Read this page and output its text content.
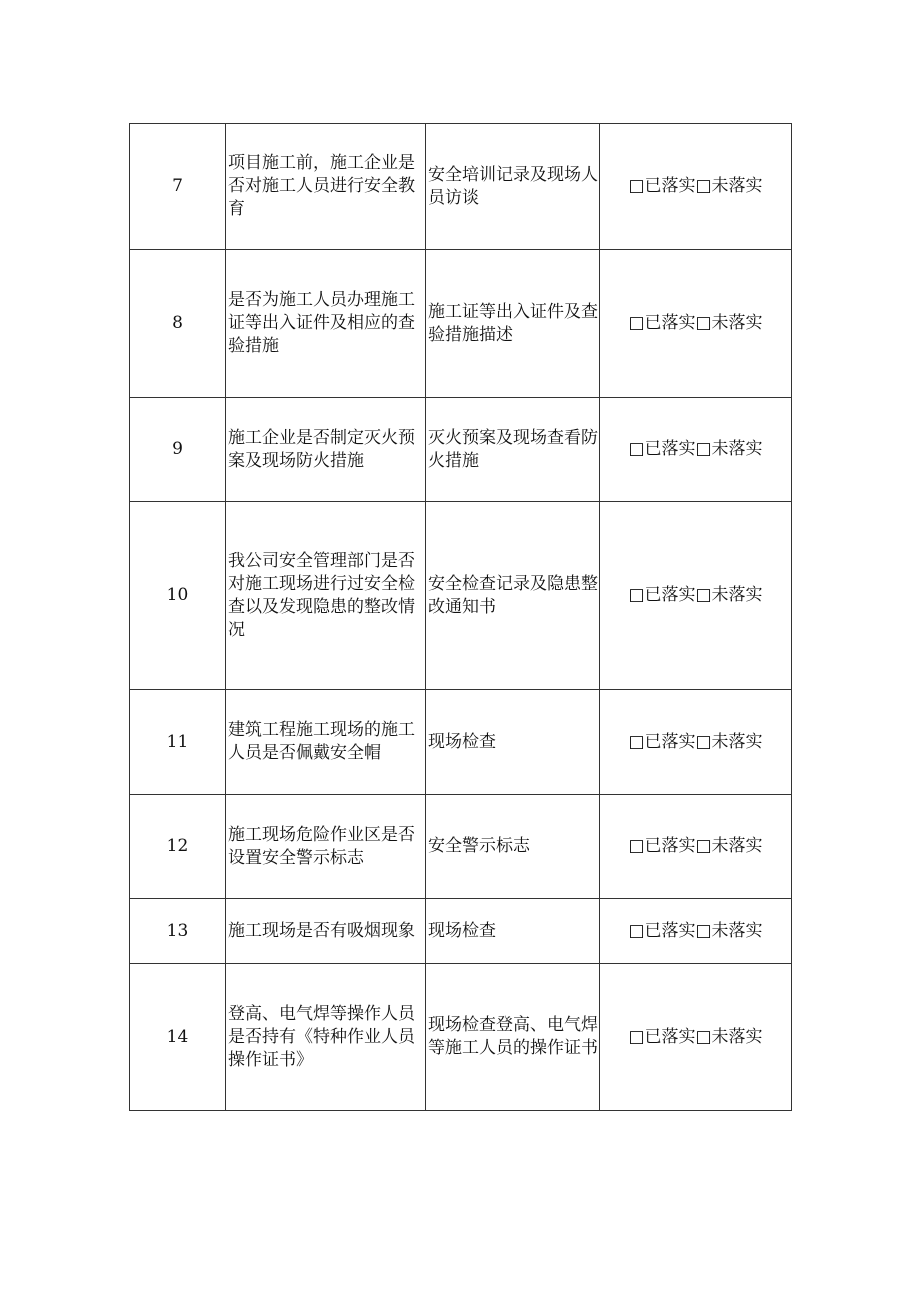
7	项目施工前，施工企业是否对施工人员进行安全教育	安全培训记录及现场人员访谈	□已落实□未落实
8	是否为施工人员办理施工证等出入证件及相应的查验措施	施工证等出入证件及查验措施描述	□已落实□未落实
9	施工企业是否制定灭火预案及现场防火措施	灭火预案及现场查看防火措施	□已落实□未落实
10	我公司安全管理部门是否对施工现场进行过安全检查以及发现隐患的整改情况	安全检查记录及隐患整改通知书	□已落实□未落实
11	建筑工程施工现场的施工人员是否佩戴安全帽	现场检查	□已落实□未落实
12	施工现场危险作业区是否设置安全警示标志	安全警示标志	□已落实□未落实
13	施工现场是否有吸烟现象	现场检查	□已落实□未落实
14	登高、电气焊等操作人员是否持有《特种作业人员操作证书》	现场检查登高、电气焊等施工人员的操作证书	□已落实□未落实
